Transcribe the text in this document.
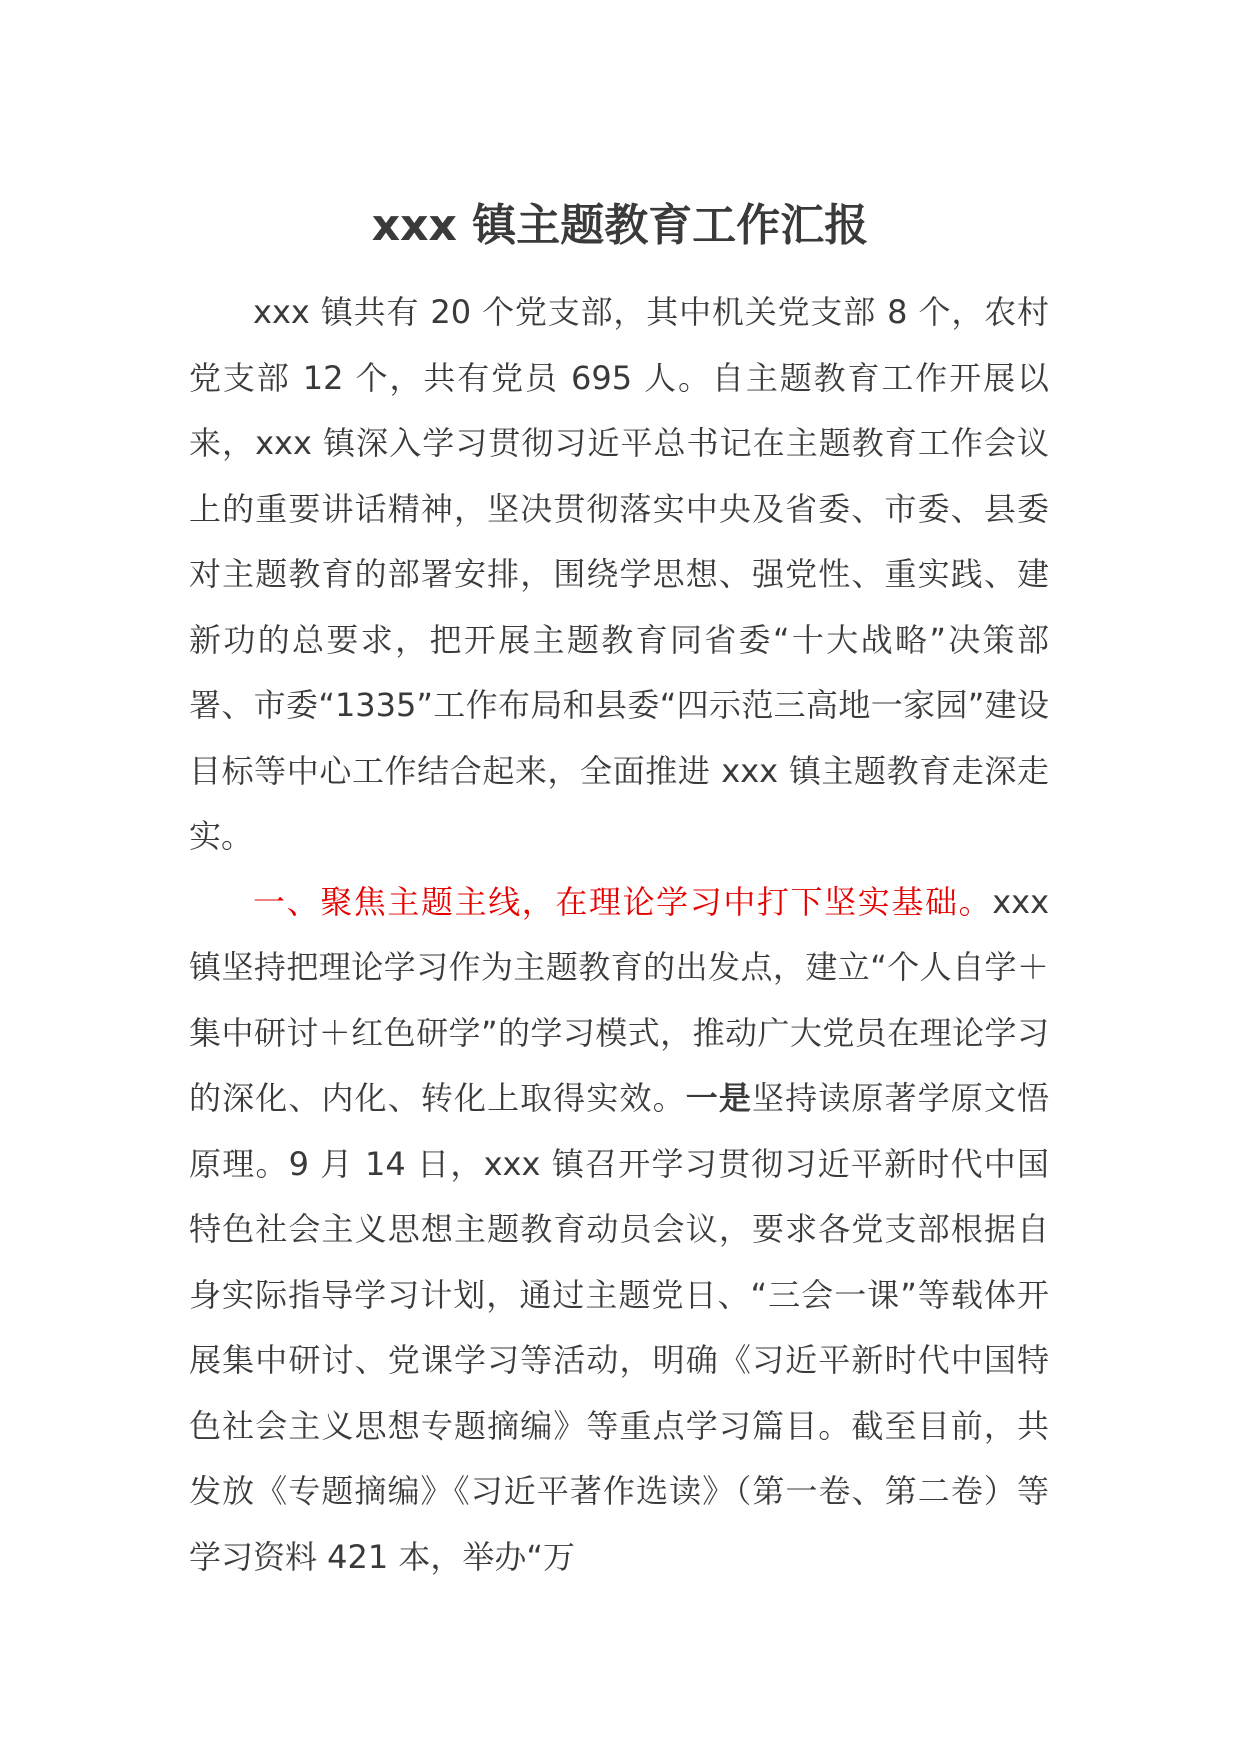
xxx 镇主题教育工作汇报

xxx 镇共有 20 个党支部，其中机关党支部 8 个，农村党支部 12 个，共有党员 695 人。自主题教育工作开展以来，xxx 镇深入学习贯彻习近平总书记在主题教育工作会议上的重要讲话精神，坚决贯彻落实中央及省委、市委、县委对主题教育的部署安排，围绕学思想、强党性、重实践、建新功的总要求，把开展主题教育同省委“十大战略”决策部署、市委“1335”工作布局和县委“四示范三高地一家园”建设目标等中心工作结合起来，全面推进 xxx 镇主题教育走深走实。

一、聚焦主题主线，在理论学习中打下坚实基础。xxx 镇坚持把理论学习作为主题教育的出发点，建立“个人自学＋集中研讨＋红色研学”的学习模式，推动广大党员在理论学习的深化、内化、转化上取得实效。一是坚持读原著学原文悟原理。9 月 14 日，xxx 镇召开学习贯彻习近平新时代中国特色社会主义思想主题教育动员会议，要求各党支部根据自身实际指导学习计划，通过主题党日、“三会一课”等载体开展集中研讨、党课学习等活动，明确《习近平新时代中国特色社会主义思想专题摘编》等重点学习篇目。截至目前，共发放《专题摘编》《习近平著作选读》（第一卷、第二卷）等学习资料 421 本，举办“万
